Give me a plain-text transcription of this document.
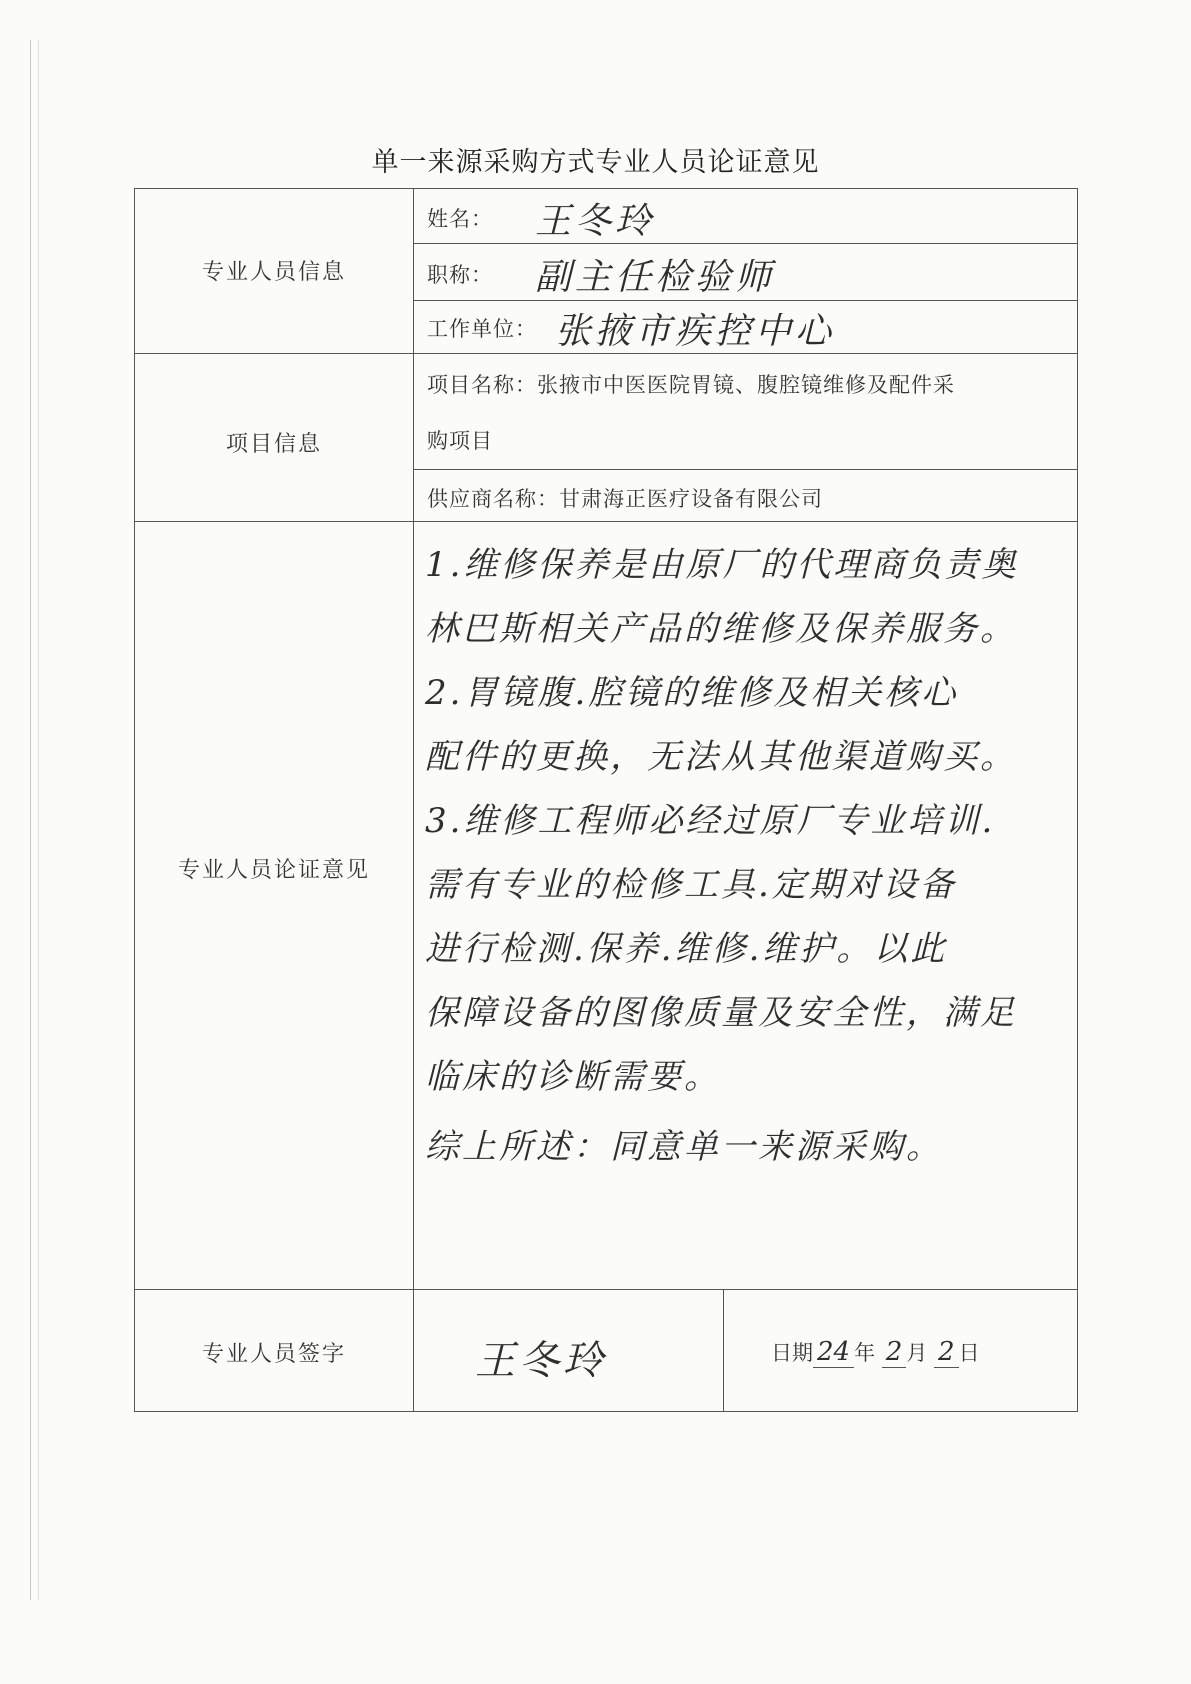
单一来源采购方式专业人员论证意见
专业人员信息
姓名： 王冬玲
职称： 副主任检验师
工作单位： 张掖市疾控中心
项目信息
项目名称：张掖市中医医院胃镜、腹腔镜维修及配件采
购项目
供应商名称：甘肃海正医疗设备有限公司
专业人员论证意见
1.维修保养是由原厂的代理商负责奥
林巴斯相关产品的维修及保养服务。
2.胃镜腹.腔镜的维修及相关核心
配件的更换，无法从其他渠道购买。
3.维修工程师必经过原厂专业培训.
需有专业的检修工具.定期对设备
进行检测.保养.维修.维护。以此
保障设备的图像质量及安全性，满足
临床的诊断需要。
综上所述：同意单一来源采购。
专业人员签字	王冬玲	日期 24 年 2 月 2 日
